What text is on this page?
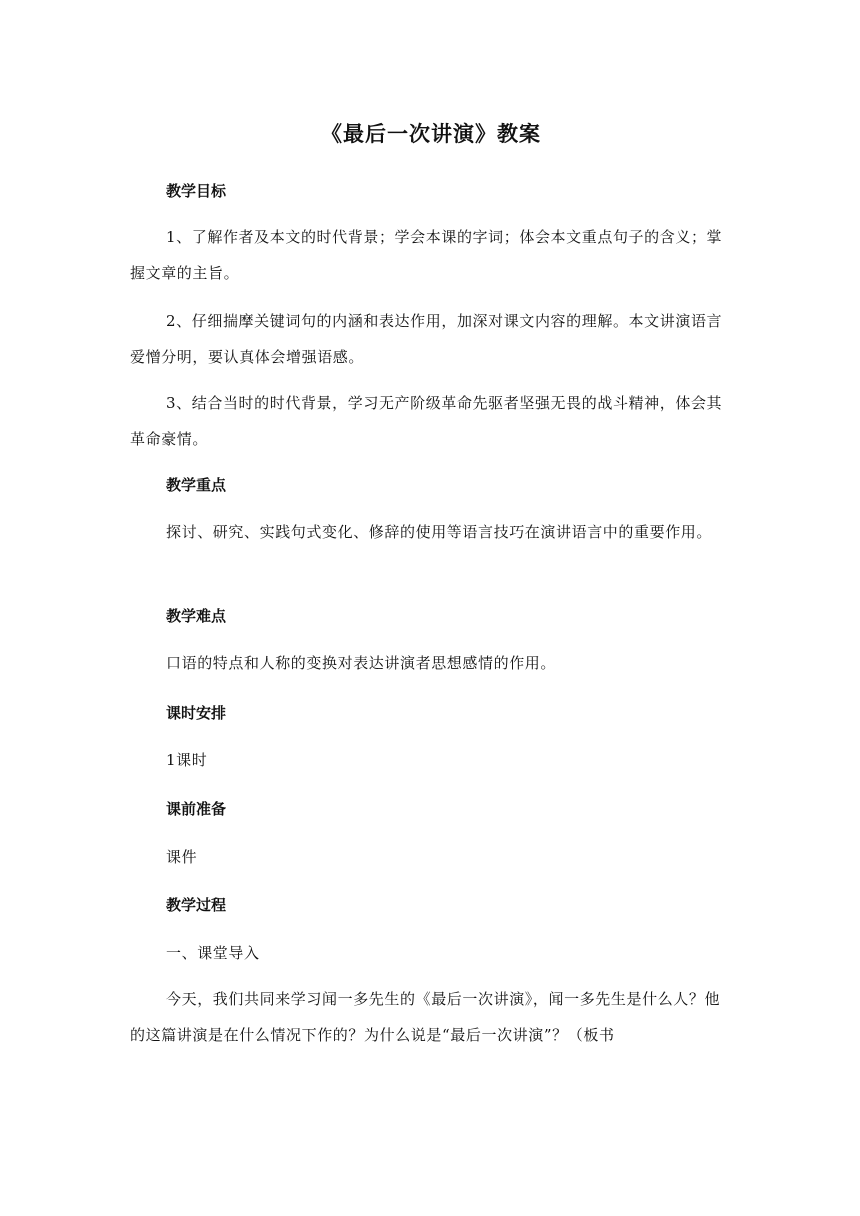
《最后一次讲演》教案
教学目标

1、了解作者及本文的时代背景；学会本课的字词；体会本文重点句子的含义；掌握文章的主旨。

2、仔细揣摩关键词句的内涵和表达作用，加深对课文内容的理解。本文讲演语言爱憎分明，要认真体会增强语感。

3、结合当时的时代背景，学习无产阶级革命先驱者坚强无畏的战斗精神，体会其革命豪情。

教学重点

探讨、研究、实践句式变化、修辞的使用等语言技巧在演讲语言中的重要作用。

教学难点

口语的特点和人称的变换对表达讲演者思想感情的作用。

课时安排

1课时

课前准备

课件

教学过程

一、课堂导入

今天，我们共同来学习闻一多先生的《最后一次讲演》，闻一多先生是什么人？他的这篇讲演是在什么情况下作的？为什么说是“最后一次讲演”？（板书
